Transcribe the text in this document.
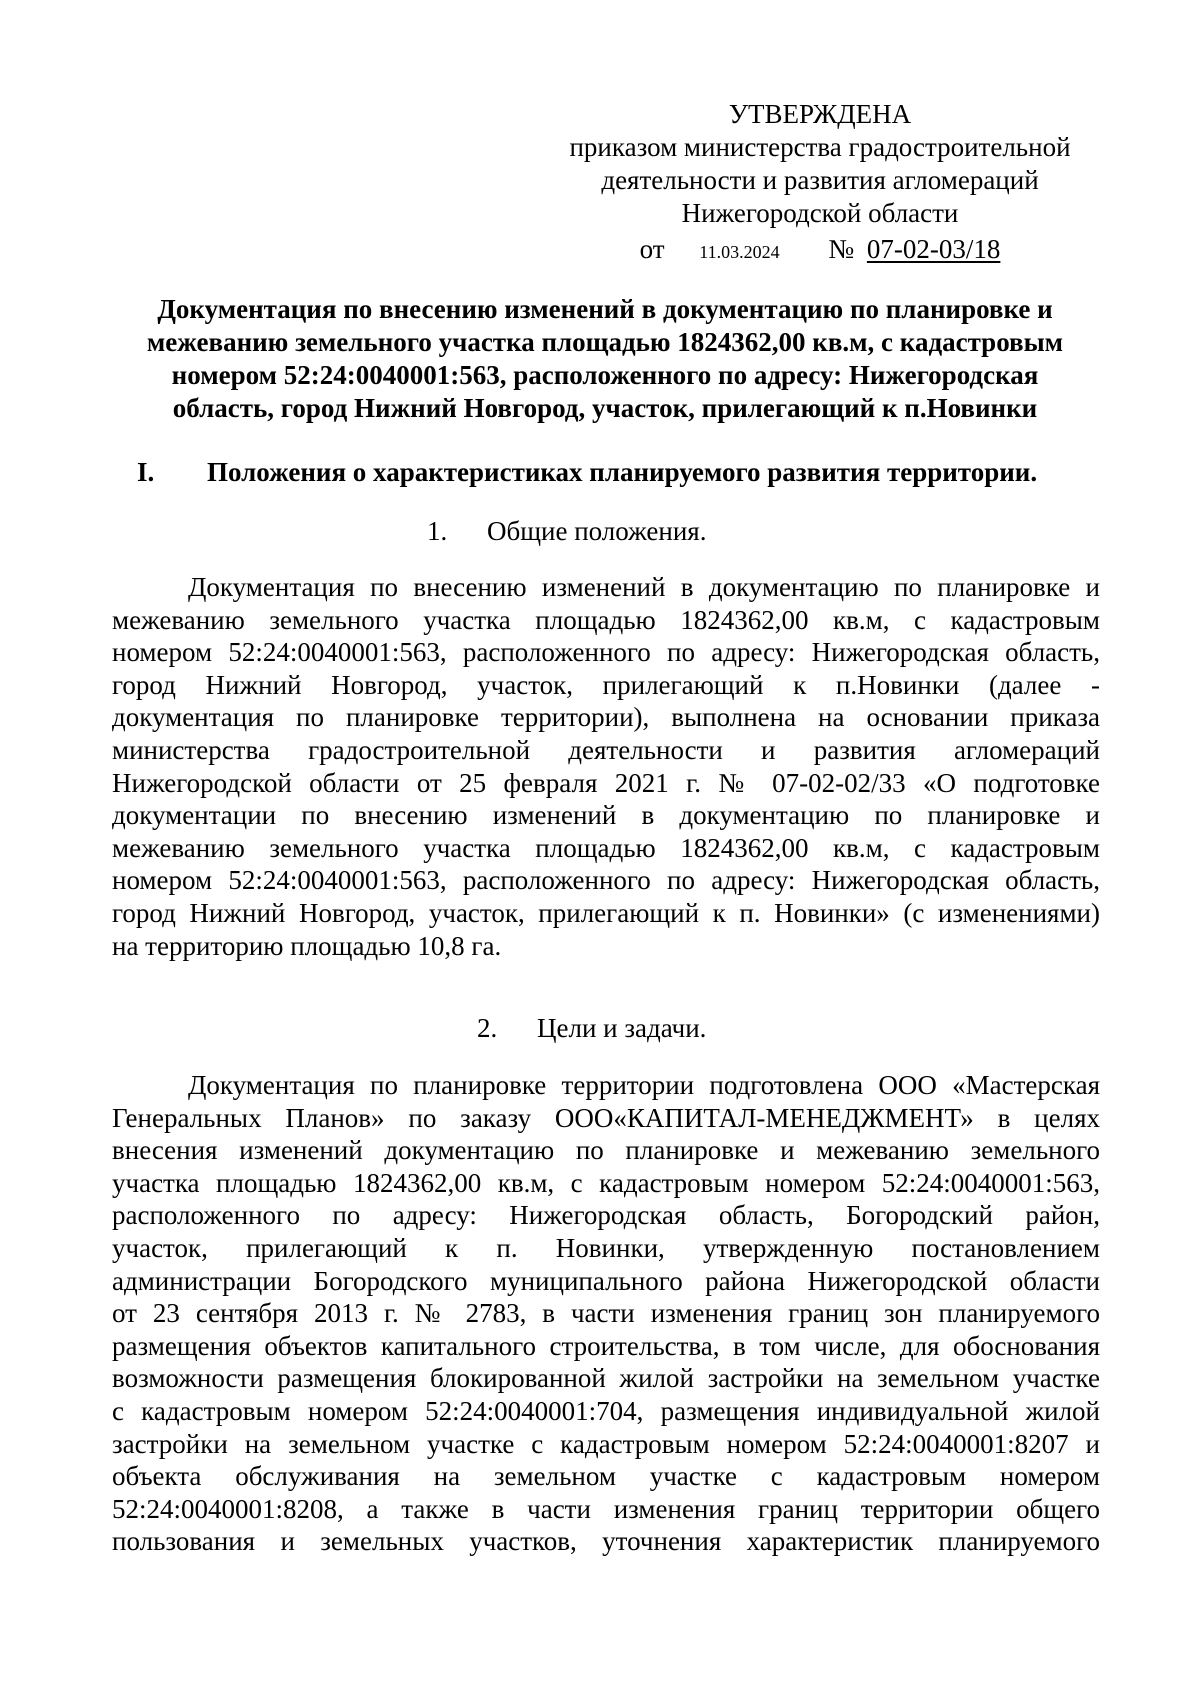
УТВЕРЖДЕНА
приказом министерства градостроительной
деятельности и развития агломераций
Нижегородской области
от 11.03.2024 № 07-02-03/18
Документация по внесению изменений в документацию по планировке и
межеванию земельного участка площадью 1824362,00 кв.м, с кадастровым
номером 52:24:0040001:563, расположенного по адресу: Нижегородская
область, город Нижний Новгород, участок, прилегающий к п.Новинки
I. Положения о характеристиках планируемого развития территории.
1. Общие положения.
Документация по внесению изменений в документацию по планировке и
межеванию земельного участка площадью 1824362,00 кв.м, с кадастровым
номером 52:24:0040001:563, расположенного по адресу: Нижегородская область,
город Нижний Новгород, участок, прилегающий к п.Новинки (далее -
документация по планировке территории), выполнена на основании приказа
министерства градостроительной деятельности и развития агломераций
Нижегородской области от 25 февраля 2021 г. № 07-02-02/33 «О подготовке
документации по внесению изменений в документацию по планировке и
межеванию земельного участка площадью 1824362,00 кв.м, с кадастровым
номером 52:24:0040001:563, расположенного по адресу: Нижегородская область,
город Нижний Новгород, участок, прилегающий к п. Новинки» (с изменениями)
на территорию площадью 10,8 га.
2. Цели и задачи.
Документация по планировке территории подготовлена ООО «Мастерская
Генеральных Планов» по заказу ООО«КАПИТАЛ-МЕНЕДЖМЕНТ» в целях
внесения изменений документацию по планировке и межеванию земельного
участка площадью 1824362,00 кв.м, с кадастровым номером 52:24:0040001:563,
расположенного по адресу: Нижегородская область, Богородский район,
участок, прилегающий к п. Новинки, утвержденную постановлением
администрации Богородского муниципального района Нижегородской области
от 23 сентября 2013 г. № 2783, в части изменения границ зон планируемого
размещения объектов капитального строительства, в том числе, для обоснования
возможности размещения блокированной жилой застройки на земельном участке
с кадастровым номером 52:24:0040001:704, размещения индивидуальной жилой
застройки на земельном участке с кадастровым номером 52:24:0040001:8207 и
объекта обслуживания на земельном участке с кадастровым номером
52:24:0040001:8208, а также в части изменения границ территории общего
пользования и земельных участков, уточнения характеристик планируемого
